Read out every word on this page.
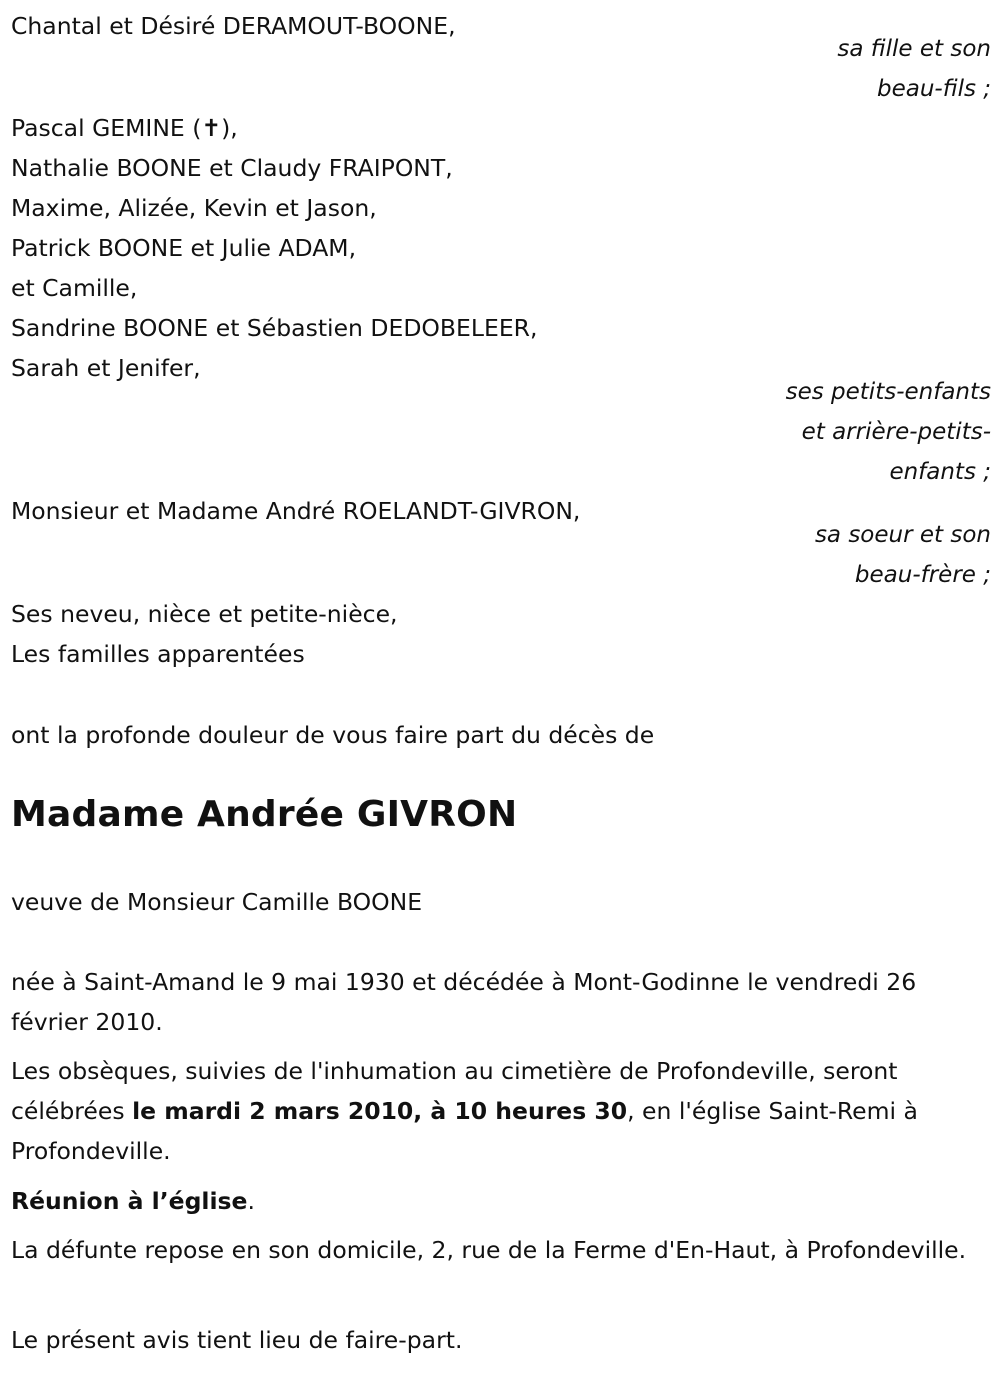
Chantal et Désiré DERAMOUT-BOONE,
sa fille et son
beau-fils ;
Pascal GEMINE (✝),
Nathalie BOONE et Claudy FRAIPONT,
Maxime, Alizée, Kevin et Jason,
Patrick BOONE et Julie ADAM,
et Camille,
Sandrine BOONE et Sébastien DEDOBELEER,
Sarah et Jenifer,
ses petits-enfants
et arrière-petits-
enfants ;
Monsieur et Madame André ROELANDT-GIVRON,
sa soeur et son
beau-frère ;
Ses neveu, nièce et petite-nièce,
Les familles apparentées
ont la profonde douleur de vous faire part du décès de
Madame Andrée GIVRON
veuve de Monsieur Camille BOONE

née à Saint-Amand le 9 mai 1930 et décédée à Mont-Godinne le vendredi 26 février 2010.

Les obsèques, suivies de l'inhumation au cimetière de Profondeville, seront célébrées le mardi 2 mars 2010, à 10 heures 30, en l'église Saint-Remi à Profondeville.

Réunion à l’église.

La défunte repose en son domicile, 2, rue de la Ferme d'En-Haut, à Profondeville.

Le présent avis tient lieu de faire-part.
